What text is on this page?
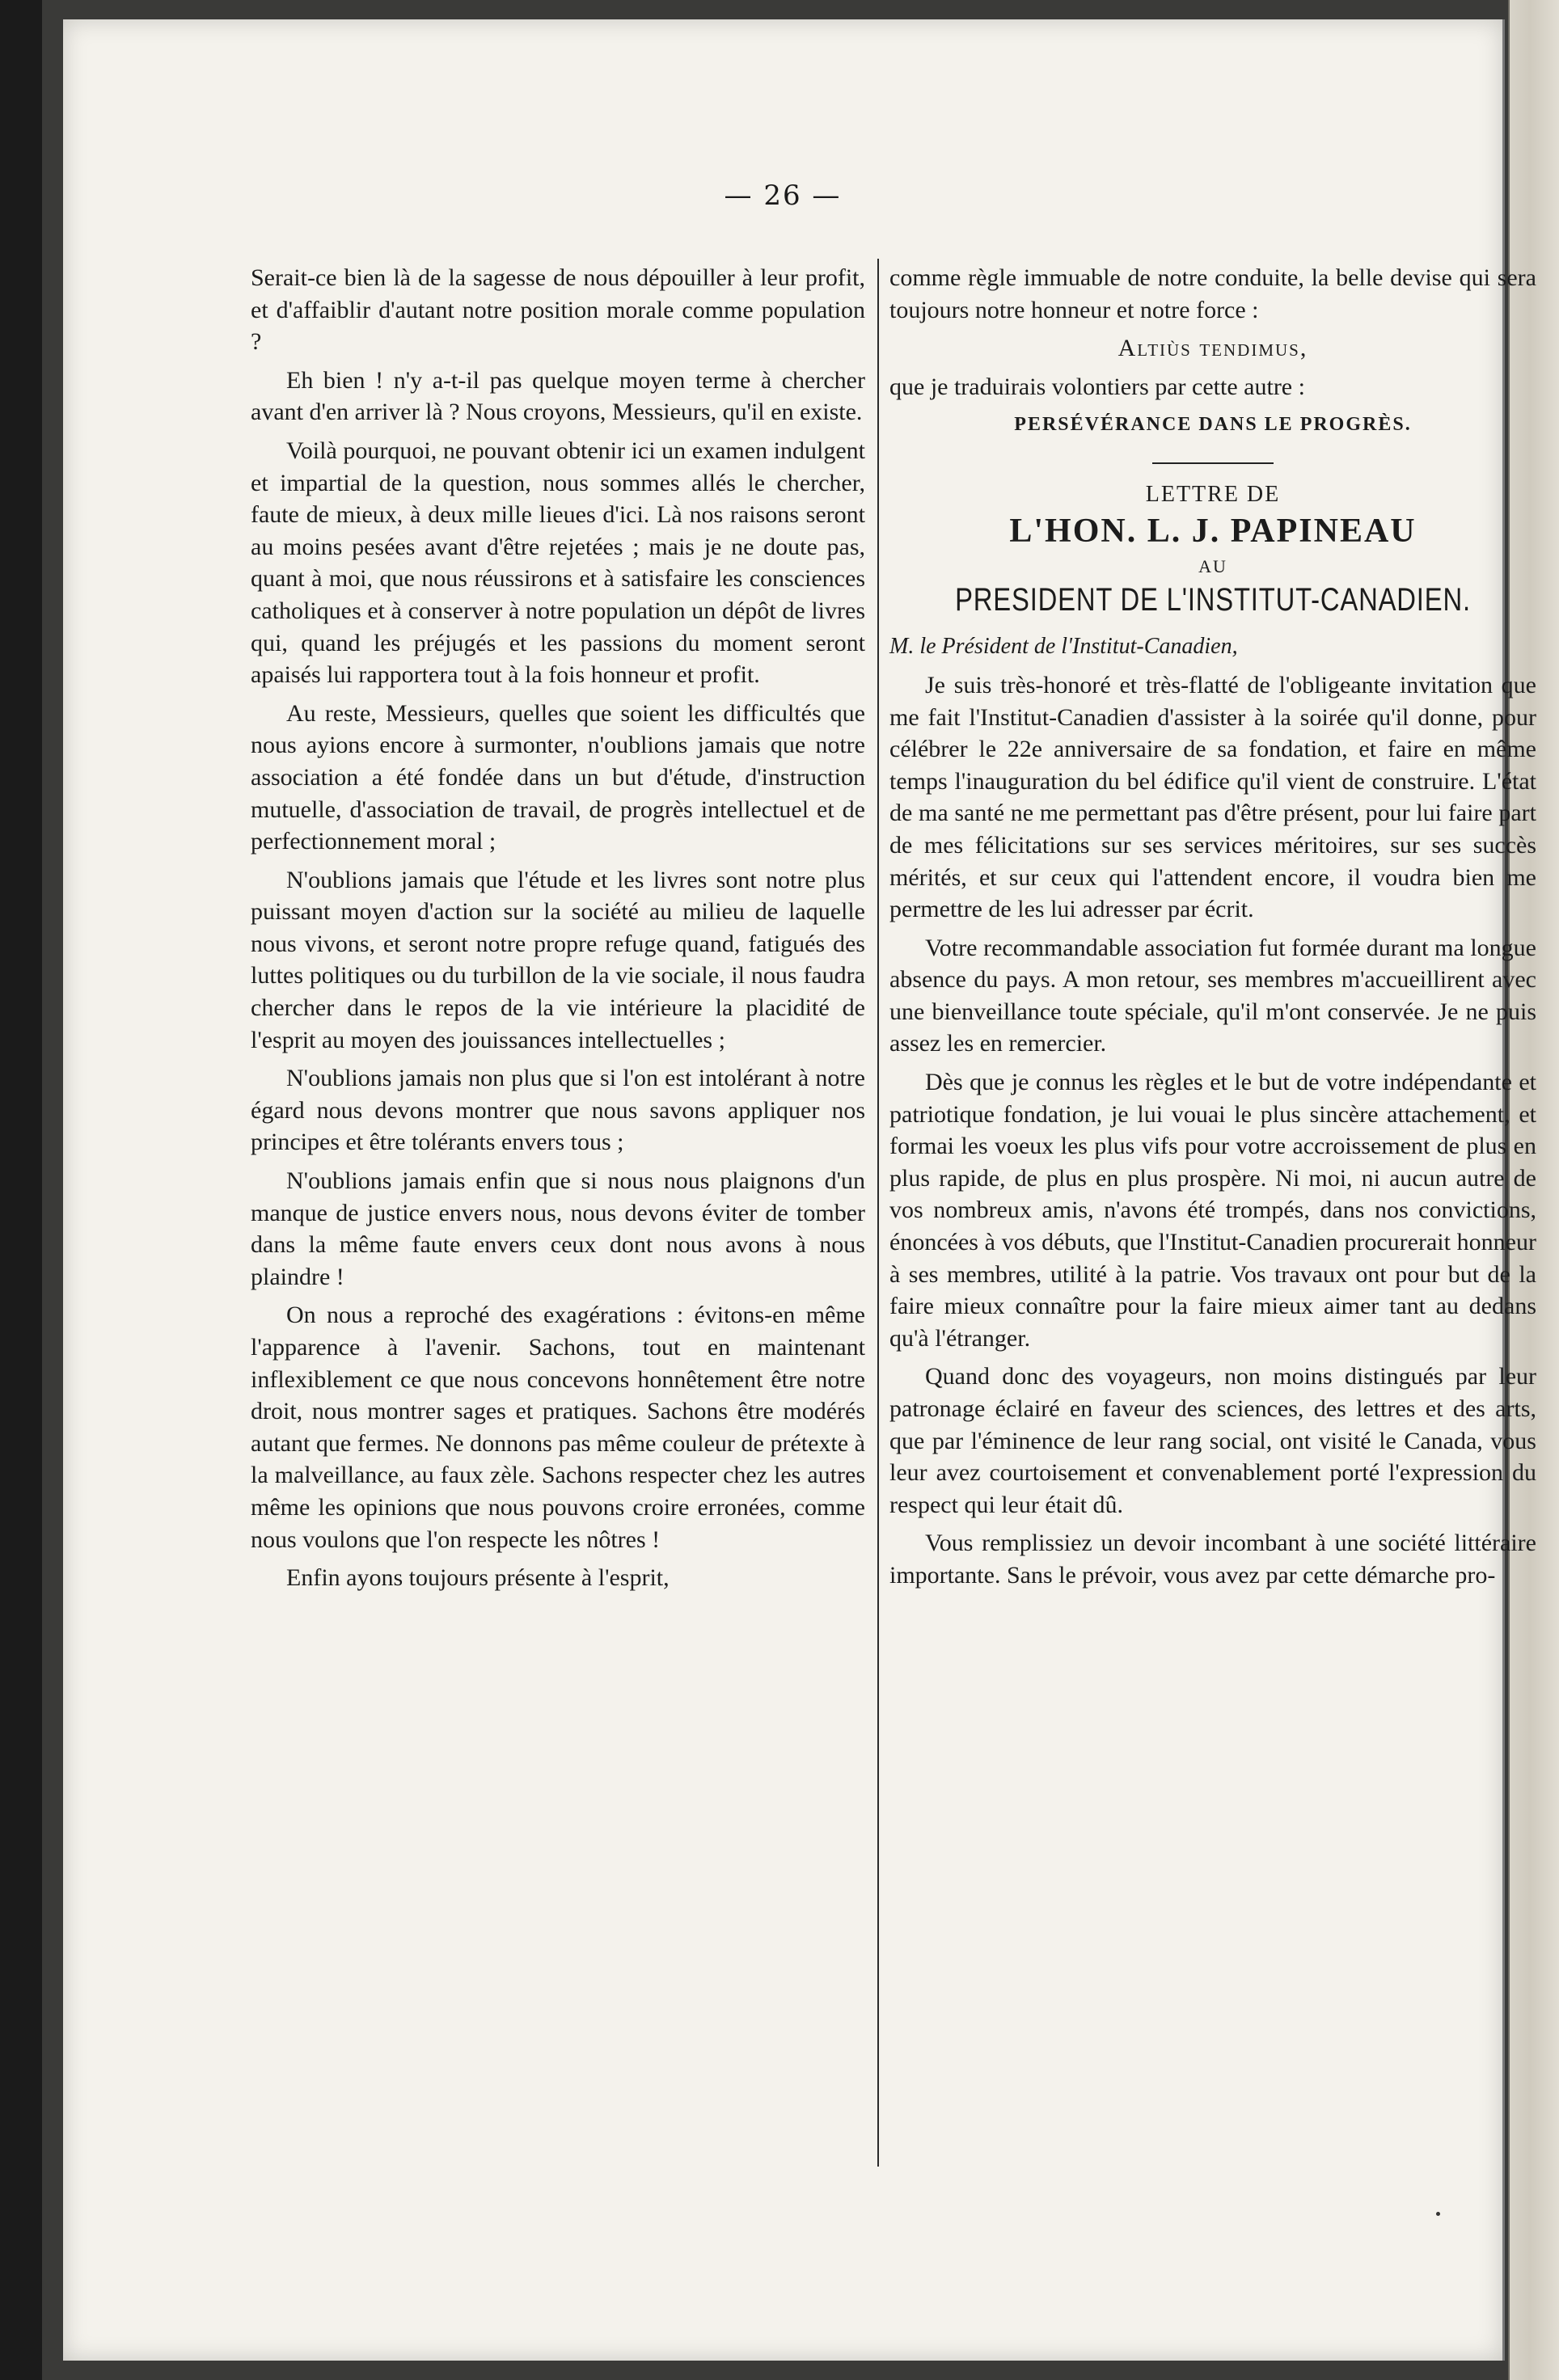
— 26 —

Serait-ce bien là de la sagesse de nous dépouiller à leur profit, et d'affaiblir d'autant notre position morale comme population ?

Eh bien ! n'y a-t-il pas quelque moyen terme à chercher avant d'en arriver là ? Nous croyons, Messieurs, qu'il en existe.

Voilà pourquoi, ne pouvant obtenir ici un examen indulgent et impartial de la question, nous sommes allés le chercher, faute de mieux, à deux mille lieues d'ici. Là nos raisons seront au moins pesées avant d'être rejetées ; mais je ne doute pas, quant à moi, que nous réussirons et à satisfaire les consciences catholiques et à conserver à notre population un dépôt de livres qui, quand les préjugés et les passions du moment seront apaisés lui rapportera tout à la fois honneur et profit.

Au reste, Messieurs, quelles que soient les difficultés que nous ayions encore à surmonter, n'oublions jamais que notre association a été fondée dans un but d'étude, d'instruction mutuelle, d'association de travail, de progrès intellectuel et de perfectionnement moral ;

N'oublions jamais que l'étude et les livres sont notre plus puissant moyen d'action sur la société au milieu de laquelle nous vivons, et seront notre propre refuge quand, fatigués des luttes politiques ou du turbillon de la vie sociale, il nous faudra chercher dans le repos de la vie intérieure la placidité de l'esprit au moyen des jouissances intellectuelles ;

N'oublions jamais non plus que si l'on est intolérant à notre égard nous devons montrer que nous savons appliquer nos principes et être tolérants envers tous ;

N'oublions jamais enfin que si nous nous plaignons d'un manque de justice envers nous, nous devons éviter de tomber dans la même faute envers ceux dont nous avons à nous plaindre !

On nous a reproché des exagérations : évitons-en même l'apparence à l'avenir. Sachons, tout en maintenant inflexiblement ce que nous concevons honnêtement être notre droit, nous montrer sages et pratiques. Sachons être modérés autant que fermes. Ne donnons pas même couleur de prétexte à la malveillance, au faux zèle. Sachons respecter chez les autres même les opinions que nous pouvons croire erronées, comme nous voulons que l'on respecte les nôtres !

Enfin ayons toujours présente à l'esprit,

comme règle immuable de notre conduite, la belle devise qui sera toujours notre honneur et notre force :

Altiùs tendimus,

que je traduirais volontiers par cette autre :

PERSÉVÉRANCE DANS LE PROGRÈS.
LETTRE DE
L'HON. L. J. PAPINEAU
AU
PRESIDENT DE L'INSTITUT-CANADIEN.

M. le Président de l'Institut-Canadien,

Je suis très-honoré et très-flatté de l'obligeante invitation que me fait l'Institut-Canadien d'assister à la soirée qu'il donne, pour célébrer le 22e anniversaire de sa fondation, et faire en même temps l'inauguration du bel édifice qu'il vient de construire. L'état de ma santé ne me permettant pas d'être présent, pour lui faire part de mes félicitations sur ses services méritoires, sur ses succès mérités, et sur ceux qui l'attendent encore, il voudra bien me permettre de les lui adresser par écrit.

Votre recommandable association fut formée durant ma longue absence du pays. A mon retour, ses membres m'accueillirent avec une bienveillance toute spéciale, qu'il m'ont conservée. Je ne puis assez les en remercier.

Dès que je connus les règles et le but de votre indépendante et patriotique fondation, je lui vouai le plus sincère attachement, et formai les voeux les plus vifs pour votre accroissement de plus en plus rapide, de plus en plus prospère. Ni moi, ni aucun autre de vos nombreux amis, n'avons été trompés, dans nos convictions, énoncées à vos débuts, que l'Institut-Canadien procurerait honneur à ses membres, utilité à la patrie. Vos travaux ont pour but de la faire mieux connaître pour la faire mieux aimer tant au dedans qu'à l'étranger.

Quand donc des voyageurs, non moins distingués par leur patronage éclairé en faveur des sciences, des lettres et des arts, que par l'éminence de leur rang social, ont visité le Canada, vous leur avez courtoisement et convenablement porté l'expression du respect qui leur était dû.

Vous remplissiez un devoir incombant à une société littéraire importante. Sans le prévoir, vous avez par cette démarche pro-
